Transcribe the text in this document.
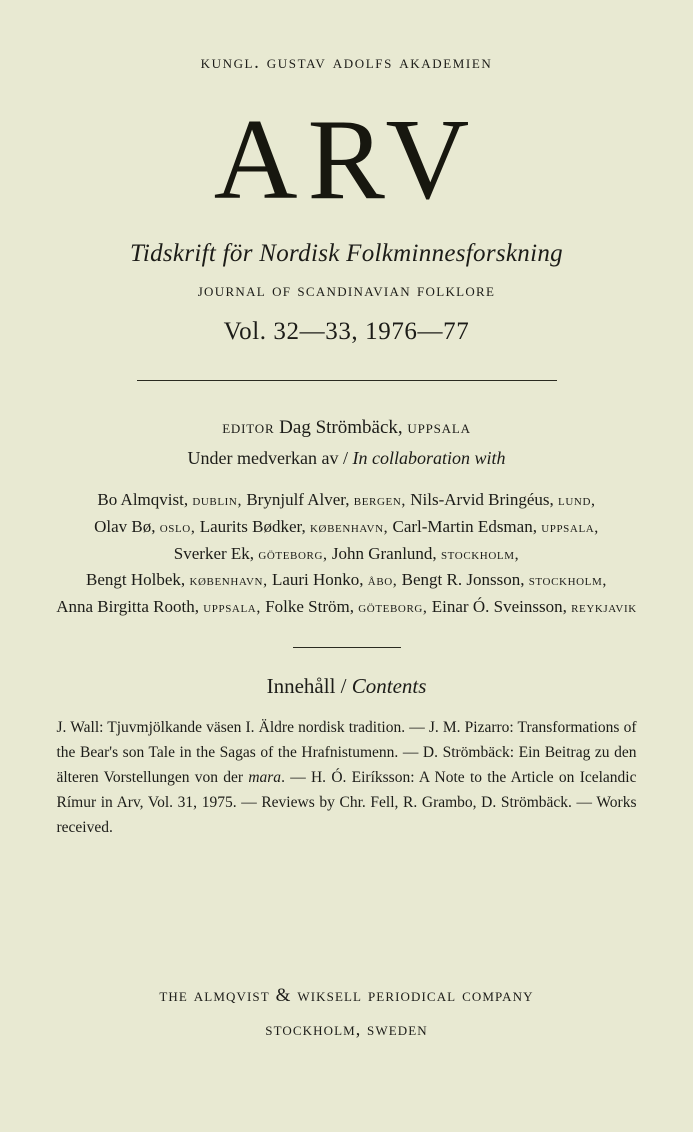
kungl. gustav adolfs akademien
ARV
Tidskrift för Nordisk Folkminnesforskning
journal of scandinavian folklore
Vol. 32—33, 1976—77
editor Dag Strömbäck, uppsala
Under medverkan av / In collaboration with
Bo Almqvist, dublin, Brynjulf Alver, bergen, Nils-Arvid Bringéus, lund,
Olav Bø, oslo, Laurits Bødker, københavn, Carl-Martin Edsman, uppsala,
Sverker Ek, göteborg, John Granlund, stockholm,
Bengt Holbek, københavn, Lauri Honko, åbo, Bengt R. Jonsson, stockholm,
Anna Birgitta Rooth, uppsala, Folke Ström, göteborg, Einar Ó. Sveinsson, reykjavik
Innehåll / Contents
J. Wall: Tjuvmjölkande väsen I. Äldre nordisk tradition. — J. M. Pizarro: Transformations of the Bear's son Tale in the Sagas of the Hrafnistumenn. — D. Strömbäck: Ein Beitrag zu den älteren Vorstellungen von der mara. — H. Ó. Eiríksson: A Note to the Article on Icelandic Rímur in Arv, Vol. 31, 1975. — Reviews by Chr. Fell, R. Grambo, D. Strömbäck. — Works received.
the almqvist & wiksell periodical company
stockholm, sweden
